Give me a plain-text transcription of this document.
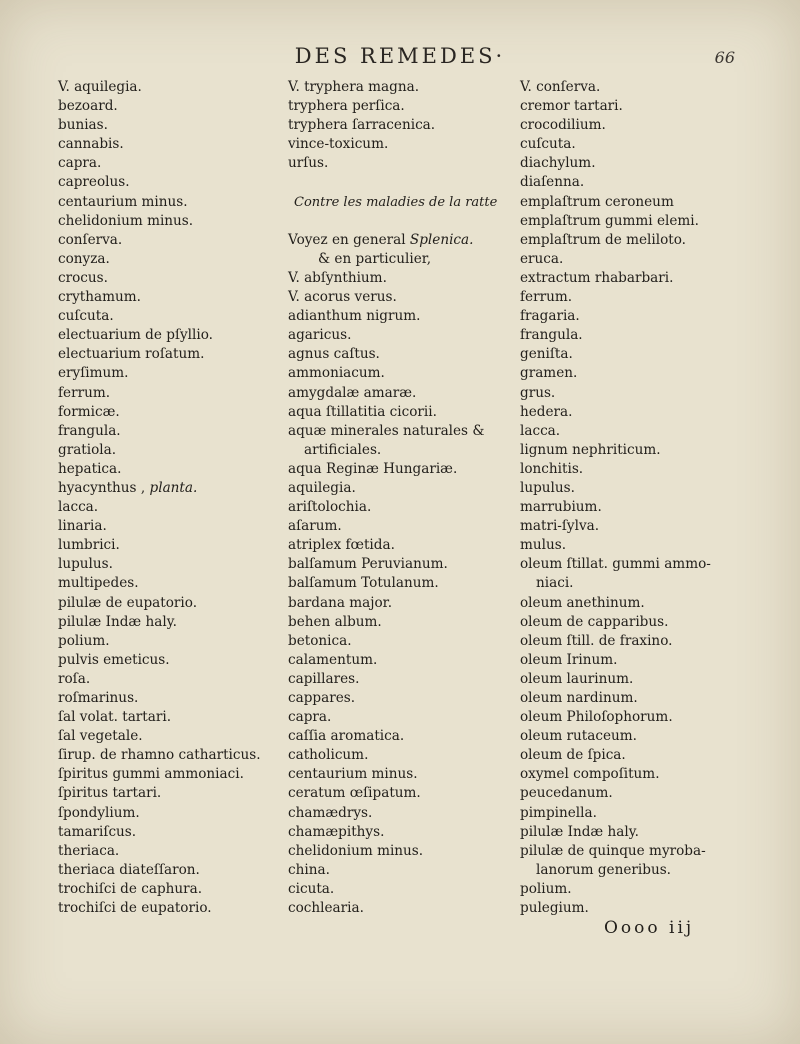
DES REMEDES·	66
V. aquilegia.
bezoard.
bunias.
cannabis.
capra.
capreolus.
centaurium minus.
chelidonium minus.
conſerva.
conyza.
crocus.
crythamum.
cuſcuta.
electuarium de pſyllio.
electuarium roſatum.
eryſimum.
ferrum.
formicæ.
frangula.
gratiola.
hepatica.
hyacynthus , planta.
lacca.
linaria.
lumbrici.
lupulus.
multipedes.
pilulæ de eupatorio.
pilulæ Indæ haly.
polium.
pulvis emeticus.
roſa.
roſmarinus.
ſal volat. tartari.
ſal vegetale.
ſirup. de rhamno catharticus.
ſpiritus gummi ammoniaci.
ſpiritus tartari.
ſpondylium.
tamariſcus.
theriaca.
theriaca diateſſaron.
trochiſci de caphura.
trochiſci de eupatorio.
V. tryphera magna.
tryphera perſica.
tryphera ſarracenica.
vince-toxicum.
urſus.
Contre les maladies de la ratte
Voyez en general Splenica.
& en particulier,
V. abſynthium.
V. acorus verus.
adianthum nigrum.
agaricus.
agnus caſtus.
ammoniacum.
amygdalæ amaræ.
aqua ſtillatitia cicorii.
aquæ minerales naturales &
artificiales.
aqua Reginæ Hungariæ.
aquilegia.
ariſtolochia.
aſarum.
atriplex fœtida.
balſamum Peruvianum.
balſamum Totulanum.
bardana major.
behen album.
betonica.
calamentum.
capillares.
cappares.
capra.
caſſia aromatica.
catholicum.
centaurium minus.
ceratum œſipatum.
chamædrys.
chamæpithys.
chelidonium minus.
china.
cicuta.
cochlearia.
V. conſerva.
cremor tartari.
crocodilium.
cuſcuta.
diachylum.
diaſenna.
emplaſtrum ceroneum
emplaſtrum gummi elemi.
emplaſtrum de meliloto.
eruca.
extractum rhabarbari.
ferrum.
fragaria.
frangula.
geniſta.
gramen.
grus.
hedera.
lacca.
lignum nephriticum.
lonchitis.
lupulus.
marrubium.
matri-ſylva.
mulus.
oleum ſtillat. gummi ammo-
niaci.
oleum anethinum.
oleum de capparibus.
oleum ſtill. de fraxino.
oleum Irinum.
oleum laurinum.
oleum nardinum.
oleum Philoſophorum.
oleum rutaceum.
oleum de ſpica.
oxymel compoſitum.
peucedanum.
pimpinella.
pilulæ Indæ haly.
pilulæ de quinque myroba-
lanorum generibus.
polium.
pulegium.
Oooo iij
